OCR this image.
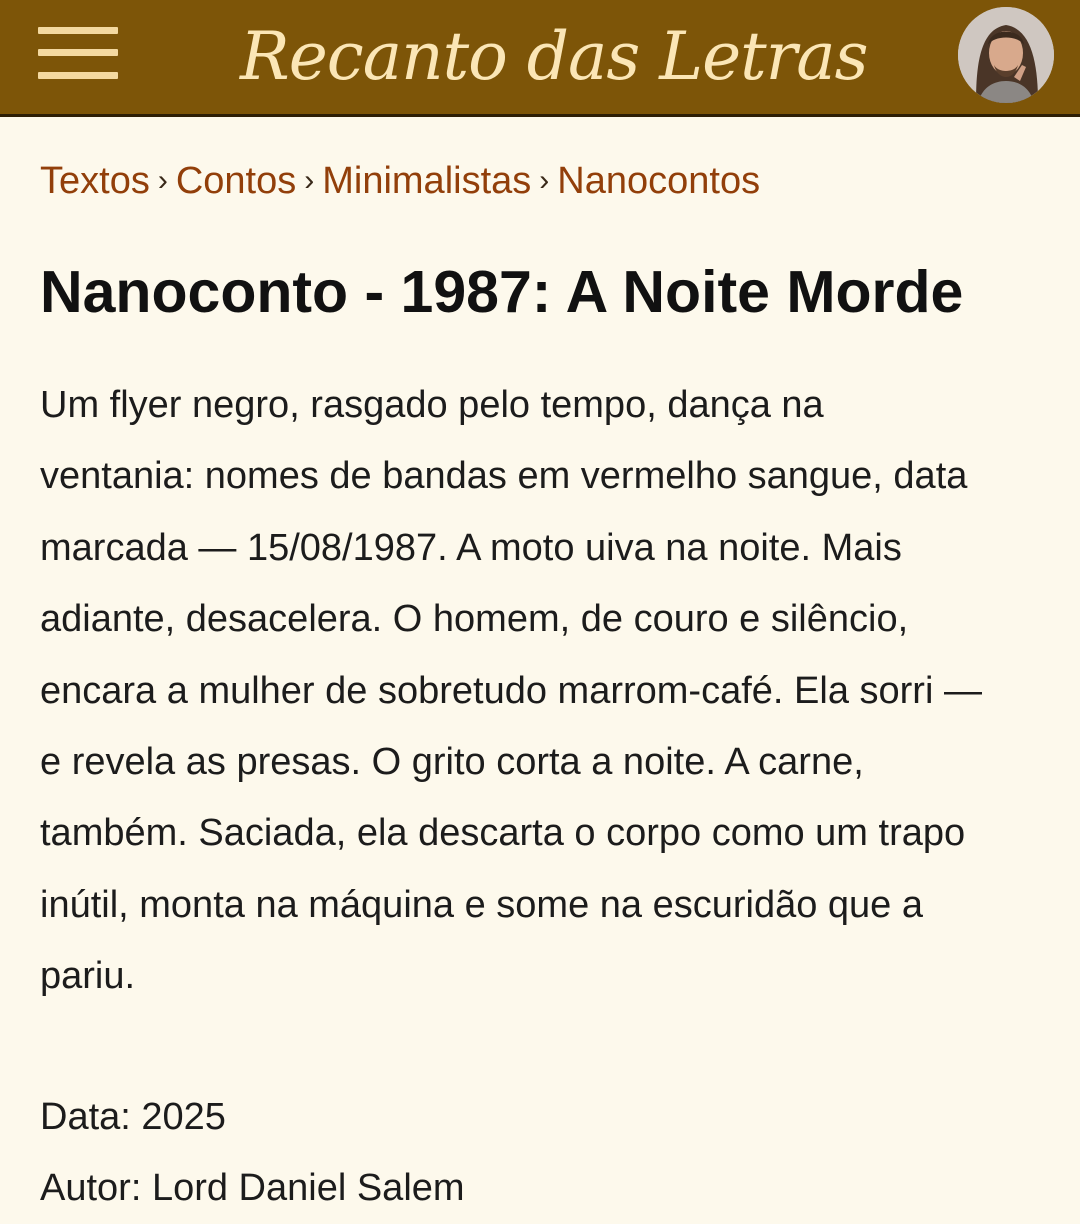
Recanto das Letras
Textos › Contos › Minimalistas › Nanocontos
Nanoconto - 1987: A Noite Morde
Um flyer negro, rasgado pelo tempo, dança na
ventania: nomes de bandas em vermelho sangue, data
marcada — 15/08/1987. A moto uiva na noite. Mais
adiante, desacelera. O homem, de couro e silêncio,
encara a mulher de sobretudo marrom-café. Ela sorri —
e revela as presas. O grito corta a noite. A carne,
também. Saciada, ela descarta o corpo como um trapo
inútil, monta na máquina e some na escuridão que a
pariu.
Data: 2025
Autor: Lord Daniel Salem
